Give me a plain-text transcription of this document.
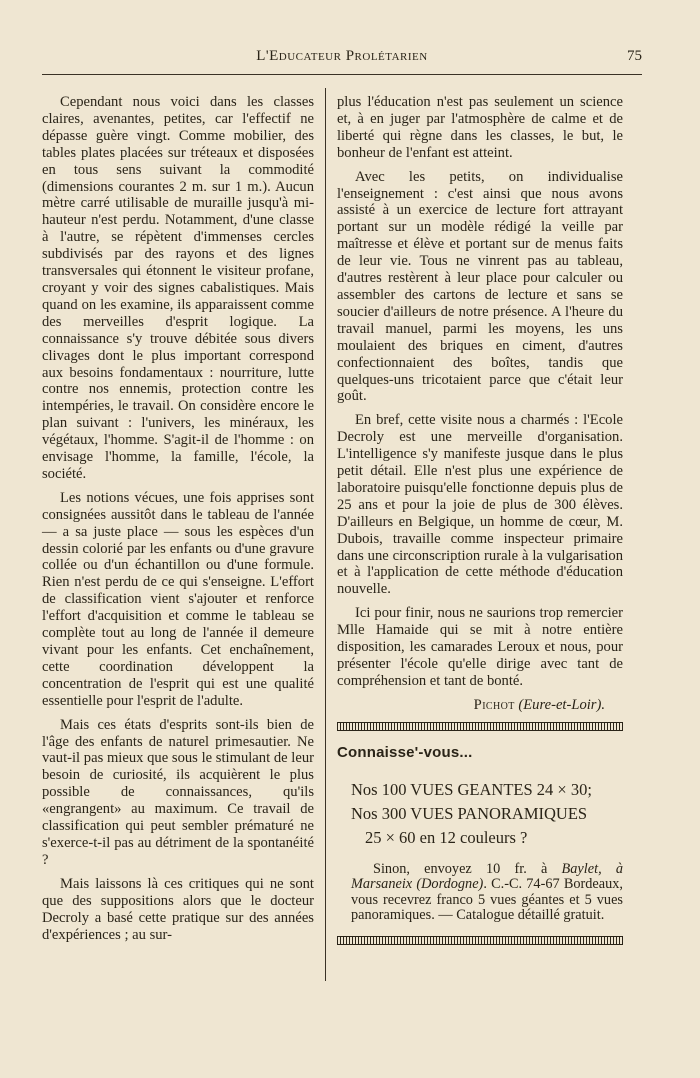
L'Educateur Prolétarien	75

Cependant nous voici dans les classes claires, avenantes, petites, car l'effectif ne dépasse guère vingt. Comme mobilier, des tables plates placées sur tréteaux et disposées en tous sens suivant la commodité (dimensions courantes 2 m. sur 1 m.). Aucun mètre carré utilisable de muraille jusqu'à mi-hauteur n'est perdu. Notamment, d'une classe à l'autre, se répètent d'immenses cercles subdivisés par des rayons et des lignes transversales qui étonnent le visiteur profane, croyant y voir des signes cabalistiques. Mais quand on les examine, ils apparaissent comme des merveilles d'esprit logique. La connaissance s'y trouve débitée sous divers clivages dont le plus important correspond aux besoins fondamentaux : nourriture, lutte contre nos ennemis, protection contre les intempéries, le travail. On considère encore le plan suivant : l'univers, les minéraux, les végétaux, l'homme. S'agit-il de l'homme : on envisage l'homme, la famille, l'école, la société.

Les notions vécues, une fois apprises sont consignées aussitôt dans le tableau de l'année — a sa juste place — sous les espèces d'un dessin colorié par les enfants ou d'une gravure collée ou d'un échantillon ou d'une formule. Rien n'est perdu de ce qui s'enseigne. L'effort de classification vient s'ajouter et renforce l'effort d'acquisition et comme le tableau se complète tout au long de l'année il demeure vivant pour les enfants. Cet enchaînement, cette coordination développent la concentration de l'esprit qui est une qualité essentielle pour l'esprit de l'adulte.

Mais ces états d'esprits sont-ils bien de l'âge des enfants de naturel primesautier. Ne vaut-il pas mieux que sous le stimulant de leur besoin de curiosité, ils acquièrent le plus possible de connaissances, qu'ils «engrangent» au maximum. Ce travail de classification qui peut sembler prématuré ne s'exerce-t-il pas au détriment de la spontanéité ?

Mais laissons là ces critiques qui ne sont que des suppositions alors que le docteur Decroly a basé cette pratique sur des années d'expériences ; au sur-

plus l'éducation n'est pas seulement un science et, à en juger par l'atmosphère de calme et de liberté qui règne dans les classes, le but, le bonheur de l'enfant est atteint.

Avec les petits, on individualise l'enseignement : c'est ainsi que nous avons assisté à un exercice de lecture fort attrayant portant sur un modèle rédigé la veille par maîtresse et élève et portant sur de menus faits de leur vie. Tous ne vinrent pas au tableau, d'autres restèrent à leur place pour calculer ou assembler des cartons de lecture et sans se soucier d'ailleurs de notre présence. A l'heure du travail manuel, parmi les moyens, les uns moulaient des briques en ciment, d'autres confectionnaient des boîtes, tandis que quelques-uns tricotaient parce que c'était leur goût.

En bref, cette visite nous a charmés : l'Ecole Decroly est une merveille d'organisation. L'intelligence s'y manifeste jusque dans le plus petit détail. Elle n'est plus une expérience de laboratoire puisqu'elle fonctionne depuis plus de 25 ans et pour la joie de plus de 300 élèves. D'ailleurs en Belgique, un homme de cœur, M. Dubois, travaille comme inspecteur primaire dans une circonscription rurale à la vulgarisation et à l'application de cette méthode d'éducation nouvelle.

Ici pour finir, nous ne saurions trop remercier Mlle Hamaide qui se mit à notre entière disposition, les camarades Leroux et nous, pour présenter l'école qu'elle dirige avec tant de compréhension et tant de bonté.

Pichot (Eure-et-Loir).
Connaisse'-vous...
Nos 100 VUES GEANTES 24 × 30;
Nos 300 VUES PANORAMIQUES
25 × 60 en 12 couleurs ?
Sinon, envoyez 10 fr. à Baylet, à Marsaneix (Dordogne). C.-C. 74-67 Bordeaux, vous recevrez franco 5 vues géantes et 5 vues panoramiques. — Catalogue détaillé gratuit.
